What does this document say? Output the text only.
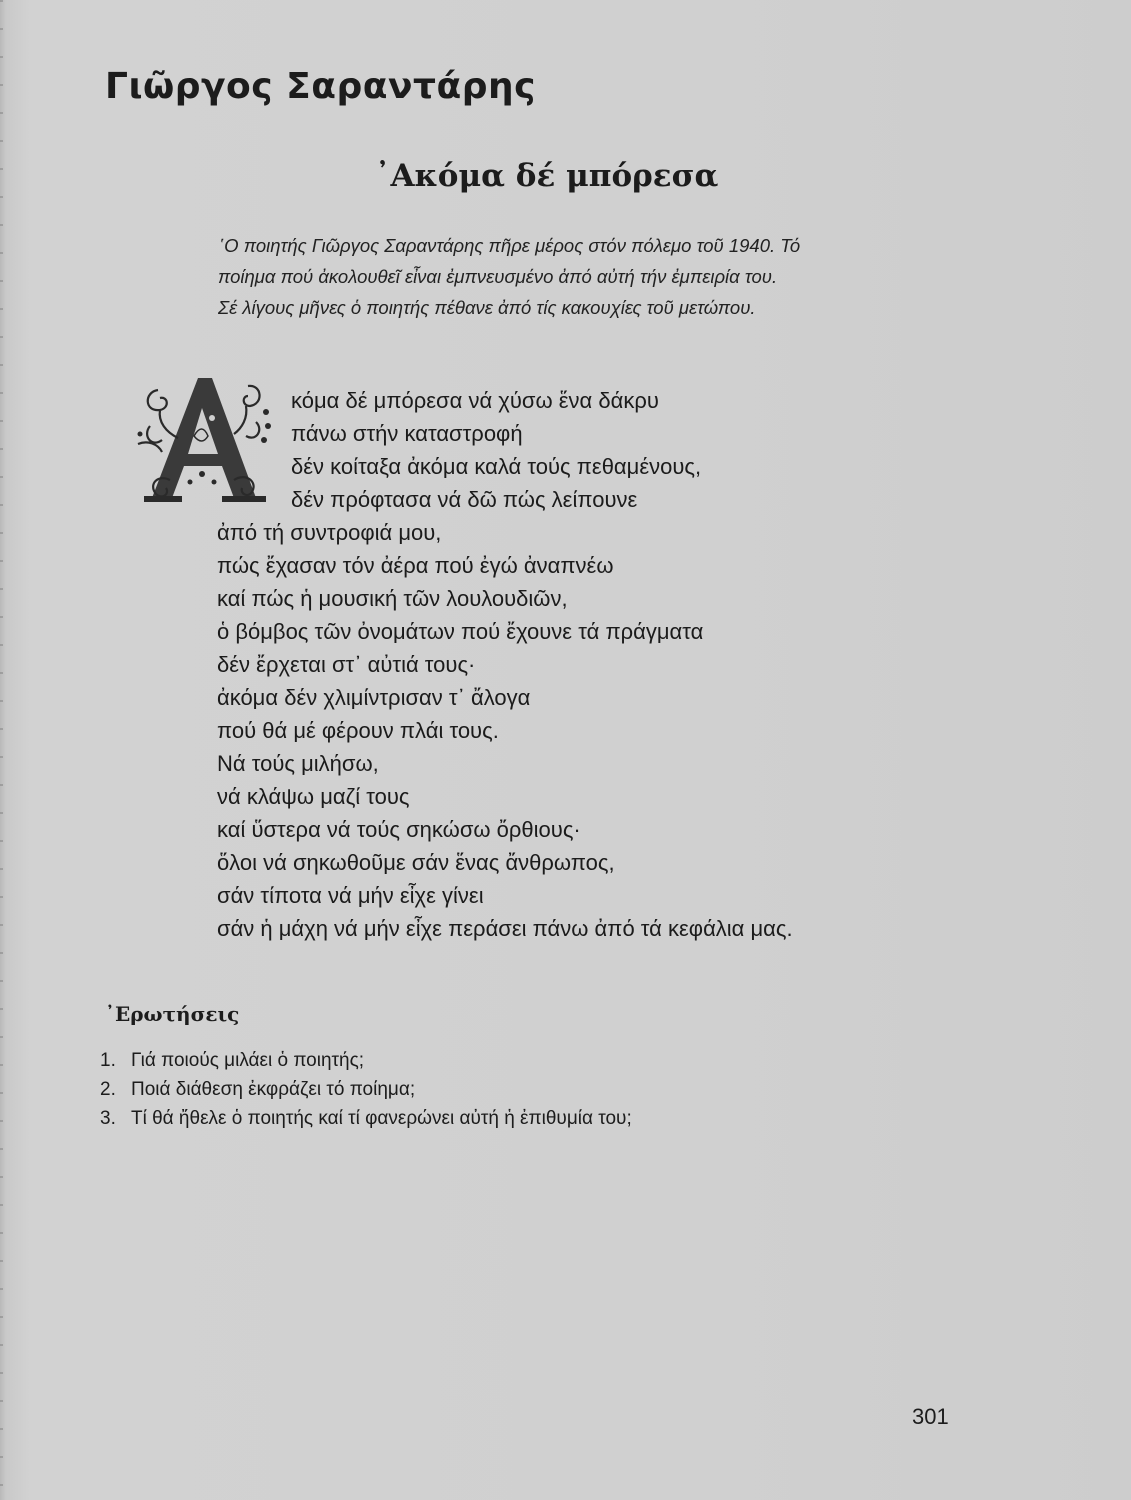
Γιῶργος Σαραντάρης
᾿Ακόμα δέ μπόρεσα

῾Ο ποιητής Γιῶργος Σαραντάρης πῆρε μέρος στόν πόλεμο τοῦ 1940. Τό

ποίημα πού ἀκολουθεῖ εἶναι ἐμπνευσμένο ἀπό αὐτή τήν ἐμπειρία του.

Σέ λίγους μῆνες ὁ ποιητής πέθανε ἀπό τίς κακουχίες τοῦ μετώπου.

κόμα δέ μπόρεσα νά χύσω ἕνα δάκρυ
πάνω στήν καταστροφή
δέν κοίταξα ἀκόμα καλά τούς πεθαμένους,
δέν πρόφτασα νά δῶ πώς λείπουνε
ἀπό τή συντροφιά μου,
πώς ἔχασαν τόν ἀέρα πού ἐγώ ἀναπνέω
καί πώς ἡ μουσική τῶν λουλουδιῶν,
ὁ βόμβος τῶν ὀνομάτων πού ἔχουνε τά πράγματα
δέν ἔρχεται στ᾿ αὐτιά τους·
ἀκόμα δέν χλιμίντρισαν τ᾿ ἄλογα
πού θά μέ φέρουν πλάι τους.
Νά τούς μιλήσω,
νά κλάψω μαζί τους
καί ὕστερα νά τούς σηκώσω ὄρθιους·
ὅλοι νά σηκωθοῦμε σάν ἕνας ἄνθρωπος,
σάν τίποτα νά μήν εἶχε γίνει
σάν ἡ μάχη νά μήν εἶχε περάσει πάνω ἀπό τά κεφάλια μας.
᾿Ερωτήσεις
1. Γιά ποιούς μιλάει ὁ ποιητής;
2. Ποιά διάθεση ἐκφράζει τό ποίημα;
3. Τί θά ἤθελε ὁ ποιητής καί τί φανερώνει αὐτή ἡ ἐπιθυμία του;
301
